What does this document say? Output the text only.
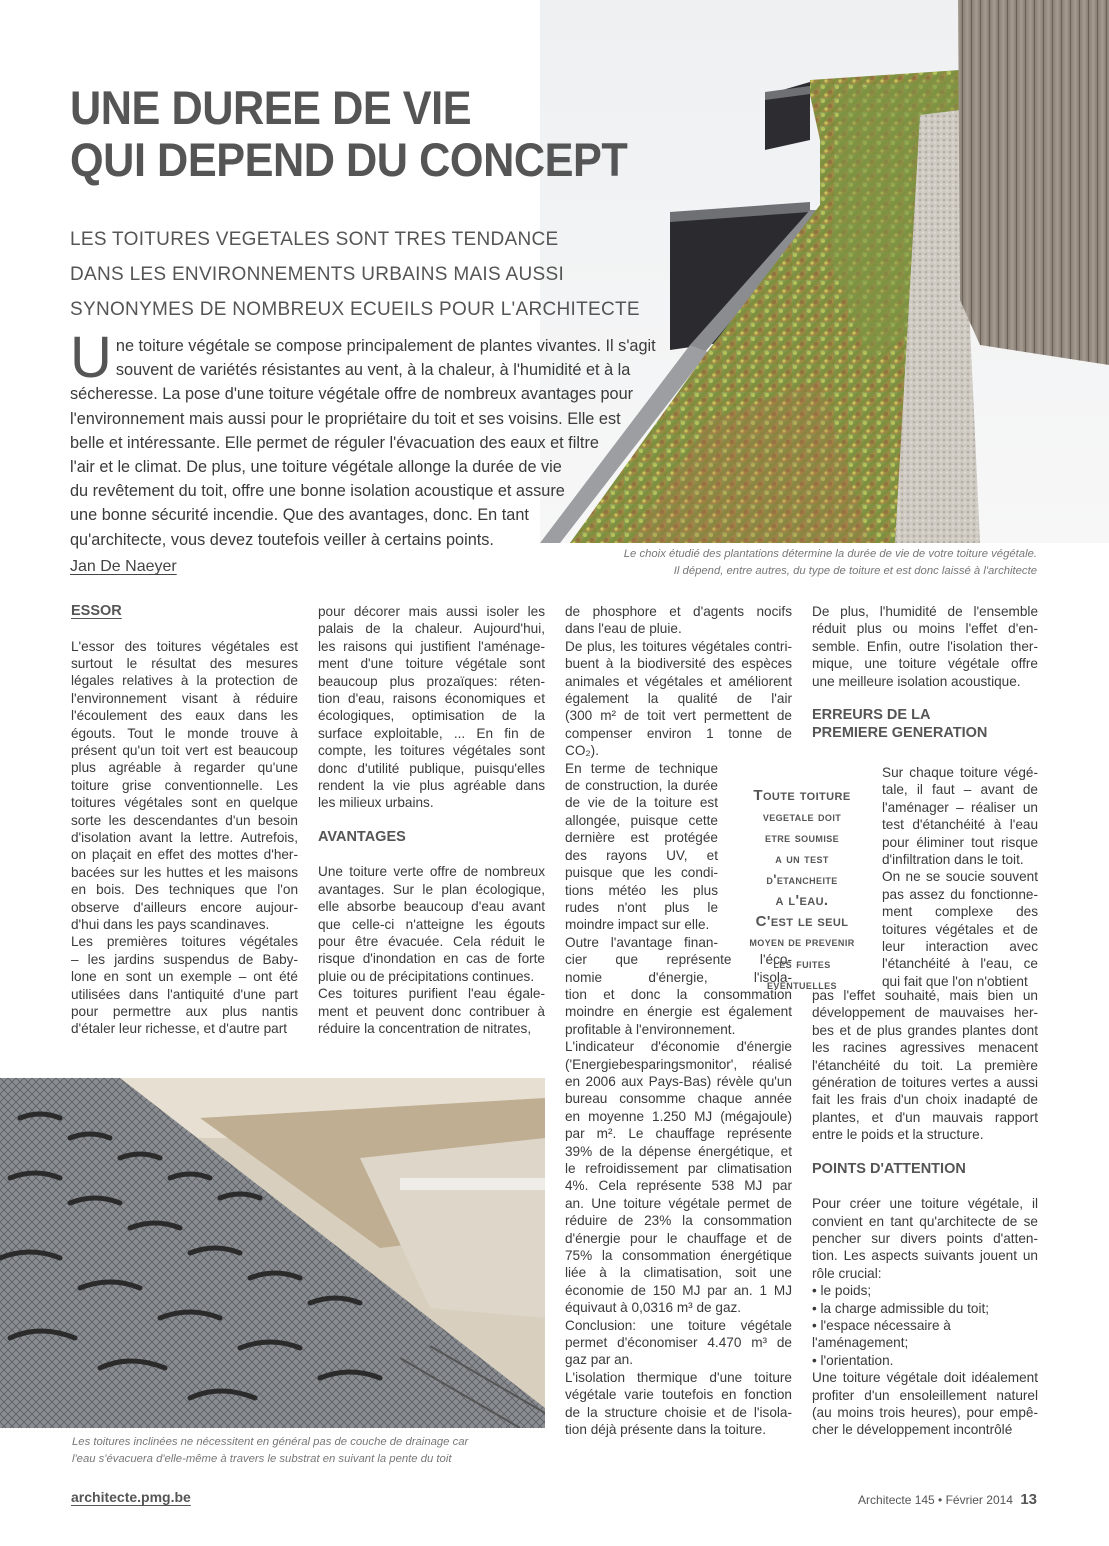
UNE DUREE DE VIE
QUI DEPEND DU CONCEPT
LES TOITURES VEGETALES SONT TRES TENDANCE
DANS LES ENVIRONNEMENTS URBAINS MAIS AUSSI
SYNONYMES DE NOMBREUX ECUEILS POUR L'ARCHITECTE
U ne toiture végétale se compose principalement de plantes vivantes. Il s'agit
souvent de variétés résistantes au vent, à la chaleur, à l'humidité et à la
sécheresse. La pose d'une toiture végétale offre de nombreux avantages pour
l'environnement mais aussi pour le propriétaire du toit et ses voisins. Elle est
belle et intéressante. Elle permet de réguler l'évacuation des eaux et filtre
l'air et le climat. De plus, une toiture végétale allonge la durée de vie
du revêtement du toit, offre une bonne isolation acoustique et assure
une bonne sécurité incendie. Que des avantages, donc. En tant
qu'architecte, vous devez toutefois veiller à certains points.
Jan De Naeyer
Le choix étudié des plantations détermine la durée de vie de votre toiture végétale.
Il dépend, entre autres, du type de toiture et est donc laissé à l'architecte
ESSOR
L'essor des toitures végétales est
surtout le résultat des mesures
légales relatives à la protection de
l'environnement visant à réduire
l'écoulement des eaux dans les
égouts. Tout le monde trouve à
présent qu'un toit vert est beaucoup
plus agréable à regarder qu'une
toiture grise conventionnelle. Les
toitures végétales sont en quelque
sorte les descendantes d'un besoin
d'isolation avant la lettre. Autrefois,
on plaçait en effet des mottes d'her-
bacées sur les huttes et les maisons
en bois. Des techniques que l'on
observe d'ailleurs encore aujour-
d'hui dans les pays scandinaves.
Les premières toitures végétales
– les jardins suspendus de Baby-
lone en sont un exemple – ont été
utilisées dans l'antiquité d'une part
pour permettre aux plus nantis
d'étaler leur richesse, et d'autre part
pour décorer mais aussi isoler les
palais de la chaleur. Aujourd'hui,
les raisons qui justifient l'aménage-
ment d'une toiture végétale sont
beaucoup plus prozaïques: réten-
tion d'eau, raisons économiques et
écologiques, optimisation de la
surface exploitable, ... En fin de
compte, les toitures végétales sont
donc d'utilité publique, puisqu'elles
rendent la vie plus agréable dans
les milieux urbains.
AVANTAGES
Une toiture verte offre de nombreux
avantages. Sur le plan écologique,
elle absorbe beaucoup d'eau avant
que celle-ci n'atteigne les égouts
pour être évacuée. Cela réduit le
risque d'inondation en cas de forte
pluie ou de précipitations continues.
Ces toitures purifient l'eau égale-
ment et peuvent donc contribuer à
réduire la concentration de nitrates,
de phosphore et d'agents nocifs
dans l'eau de pluie.
De plus, les toitures végétales contri-
buent à la biodiversité des espèces
animales et végétales et améliorent
également la qualité de l'air
(300 m² de toit vert permettent de
compenser environ 1 tonne de
CO₂).
En terme de technique
de construction, la durée
de vie de la toiture est
allongée, puisque cette
dernière est protégée
des rayons UV, et
puisque que les condi-
tions météo les plus
rudes n'ont plus le
moindre impact sur elle.
Outre l'avantage finan-
cier que représente l'éco-
nomie d'énergie, l'isola-
tion et donc la consommation
moindre en énergie est également
profitable à l'environnement.
L'indicateur d'économie d'énergie
('Energiebesparingsmonitor', réalisé
en 2006 aux Pays-Bas) révèle qu'un
bureau consomme chaque année
en moyenne 1.250 MJ (mégajoule)
par m². Le chauffage représente
39% de la dépense énergétique, et
le refroidissement par climatisation
4%. Cela représente 538 MJ par
an. Une toiture végétale permet de
réduire de 23% la consommation
d'énergie pour le chauffage et de
75% la consommation énergétique
liée à la climatisation, soit une
économie de 150 MJ par an. 1 MJ
équivaut à 0,0316 m³ de gaz.
Conclusion: une toiture végétale
permet d'économiser 4.470 m³ de
gaz par an.
L'isolation thermique d'une toiture
végétale varie toutefois en fonction
de la structure choisie et de l'isola-
tion déjà présente dans la toiture.
Toute toiture
vegetale doit
etre soumise
a un test
d'etancheite
a l'eau.
C'est le seul
moyen de prevenir
les fuites
eventuelles
De plus, l'humidité de l'ensemble
réduit plus ou moins l'effet d'en-
semble. Enfin, outre l'isolation ther-
mique, une toiture végétale offre
une meilleure isolation acoustique.
ERREURS DE LA
PREMIERE GENERATION
pas l'effet souhaité, mais bien un
développement de mauvaises her-
bes et de plus grandes plantes dont
les racines agressives menacent
l'étanchéité du toit. La première
génération de toitures vertes a aussi
fait les frais d'un choix inadapté de
plantes, et d'un mauvais rapport
entre le poids et la structure.
POINTS D'ATTENTION
Pour créer une toiture végétale, il
convient en tant qu'architecte de se
pencher sur divers points d'atten-
tion. Les aspects suivants jouent un
rôle crucial:
• le poids;
• la charge admissible du toit;
• l'espace nécessaire à
l'aménagement;
• l'orientation.
Une toiture végétale doit idéalement
profiter d'un ensoleillement naturel
(au moins trois heures), pour empê-
cher le développement incontrôlé
Sur chaque toiture végé-
tale, il faut – avant de
l'aménager – réaliser un
test d'étanchéité à l'eau
pour éliminer tout risque
d'infiltration dans le toit.
On ne se soucie souvent
pas assez du fonctionne-
ment complexe des
toitures végétales et de
leur interaction avec
l'étanchéité à l'eau, ce
qui fait que l'on n'obtient
Les toitures inclinées ne nécessitent en général pas de couche de drainage car
l'eau s'évacuera d'elle-même à travers le substrat en suivant la pente du toit
architecte.pmg.be	Architecte 145 • Février 2014 13
